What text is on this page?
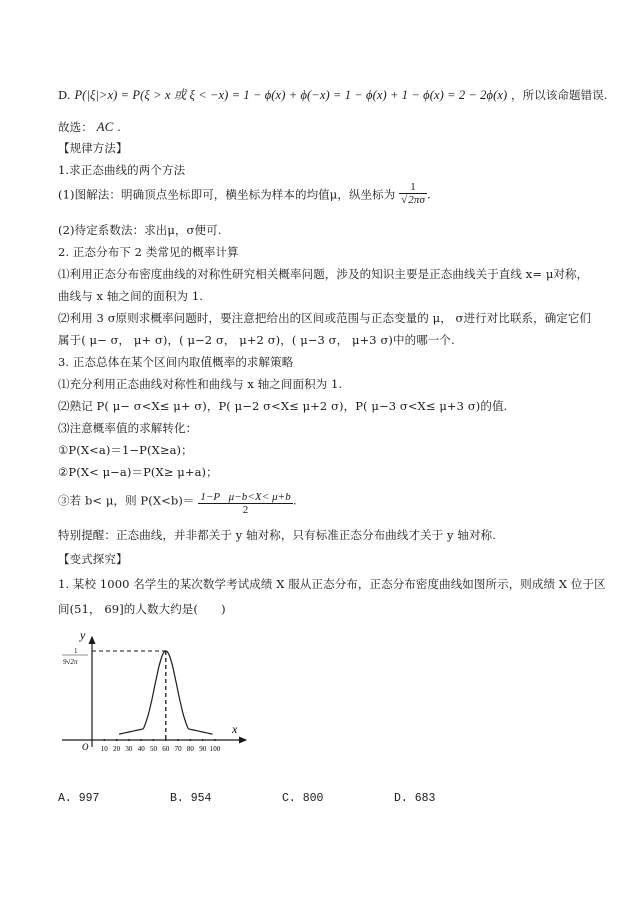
D. P(|ξ|>x) = P(ξ > x 或 ξ < −x) = 1 − ϕ(x) + ϕ(−x) = 1 − ϕ(x) + 1 − ϕ(x) = 2 − 2ϕ(x) ，所以该命题错误.
故选： AC .
【规律方法】
1.求正态曲线的两个方法
(1)图解法：明确顶点坐标即可，横坐标为样本的均值μ，纵坐标为 $\frac{1}{√2\pi\sigma}$ .
(2)待定系数法：求出μ，σ便可.
2. 正态分布下 2 类常见的概率计算
⑴利用正态分布密度曲线的对称性研究相关概率问题，涉及的知识主要是正态曲线关于直线 x= μ对称，
曲线与 x 轴之间的面积为 1.
⑵利用 3 σ原则求概率问题时，要注意把给出的区间或范围与正态变量的 μ， σ进行对比联系，确定它们
属于( μ− σ， μ+ σ)，( μ−2 σ， μ+2 σ)，( μ−3 σ， μ+3 σ)中的哪一个.
3. 正态总体在某个区间内取值概率的求解策略
⑴充分利用正态曲线对称性和曲线与 x 轴之间面积为 1.
⑵熟记 P( μ− σ<X≤ μ+ σ)，P( μ−2 σ<X≤ μ+2 σ)，P( μ−3 σ<X≤ μ+3 σ)的值.
⑶注意概率值的求解转化：
①P(X<a)＝1−P(X≥a)；
②P(X< μ−a)＝P(X≥ μ+a)；
③若 b< μ，则 $P(X<b)= \frac{\text{1−P   μ−b<X< μ+b}}{2}$ .
特别提醒：正态曲线，并非都关于 y 轴对称，只有标准正态分布曲线才关于 y 轴对称.
【变式探究】
1. 某校 1000 名学生的某次数学考试成绩 X 服从正态分布，正态分布密度曲线如图所示，则成绩 X 位于区
间(51， 69]的人数大约是(　　)
y
x
O
1
9√2π
10 20 30 40 50 60 70 80 90 100
A. 997	B. 954	C. 800	D. 683
